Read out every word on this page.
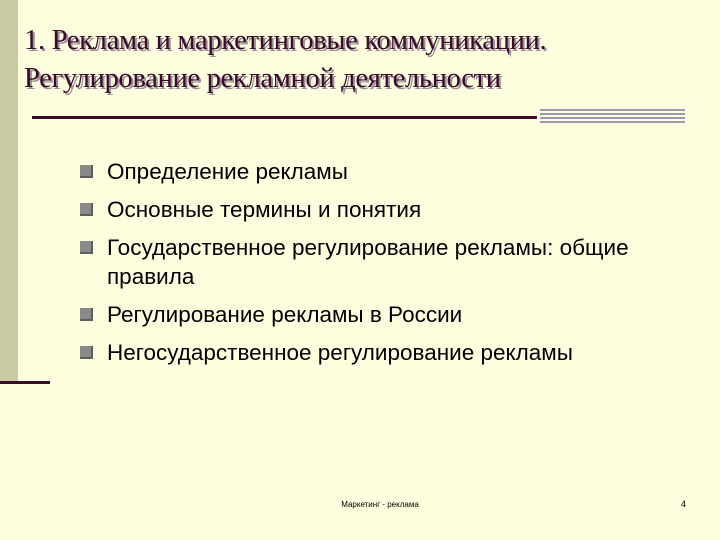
1. Реклама и маркетинговые коммуникации.
Регулирование рекламной деятельности
Определение рекламы
Основные термины и понятия
Государственное регулирование рекламы: общие правила
Регулирование рекламы в России
Негосударственное регулирование рекламы
Маркетинг - реклама	4
